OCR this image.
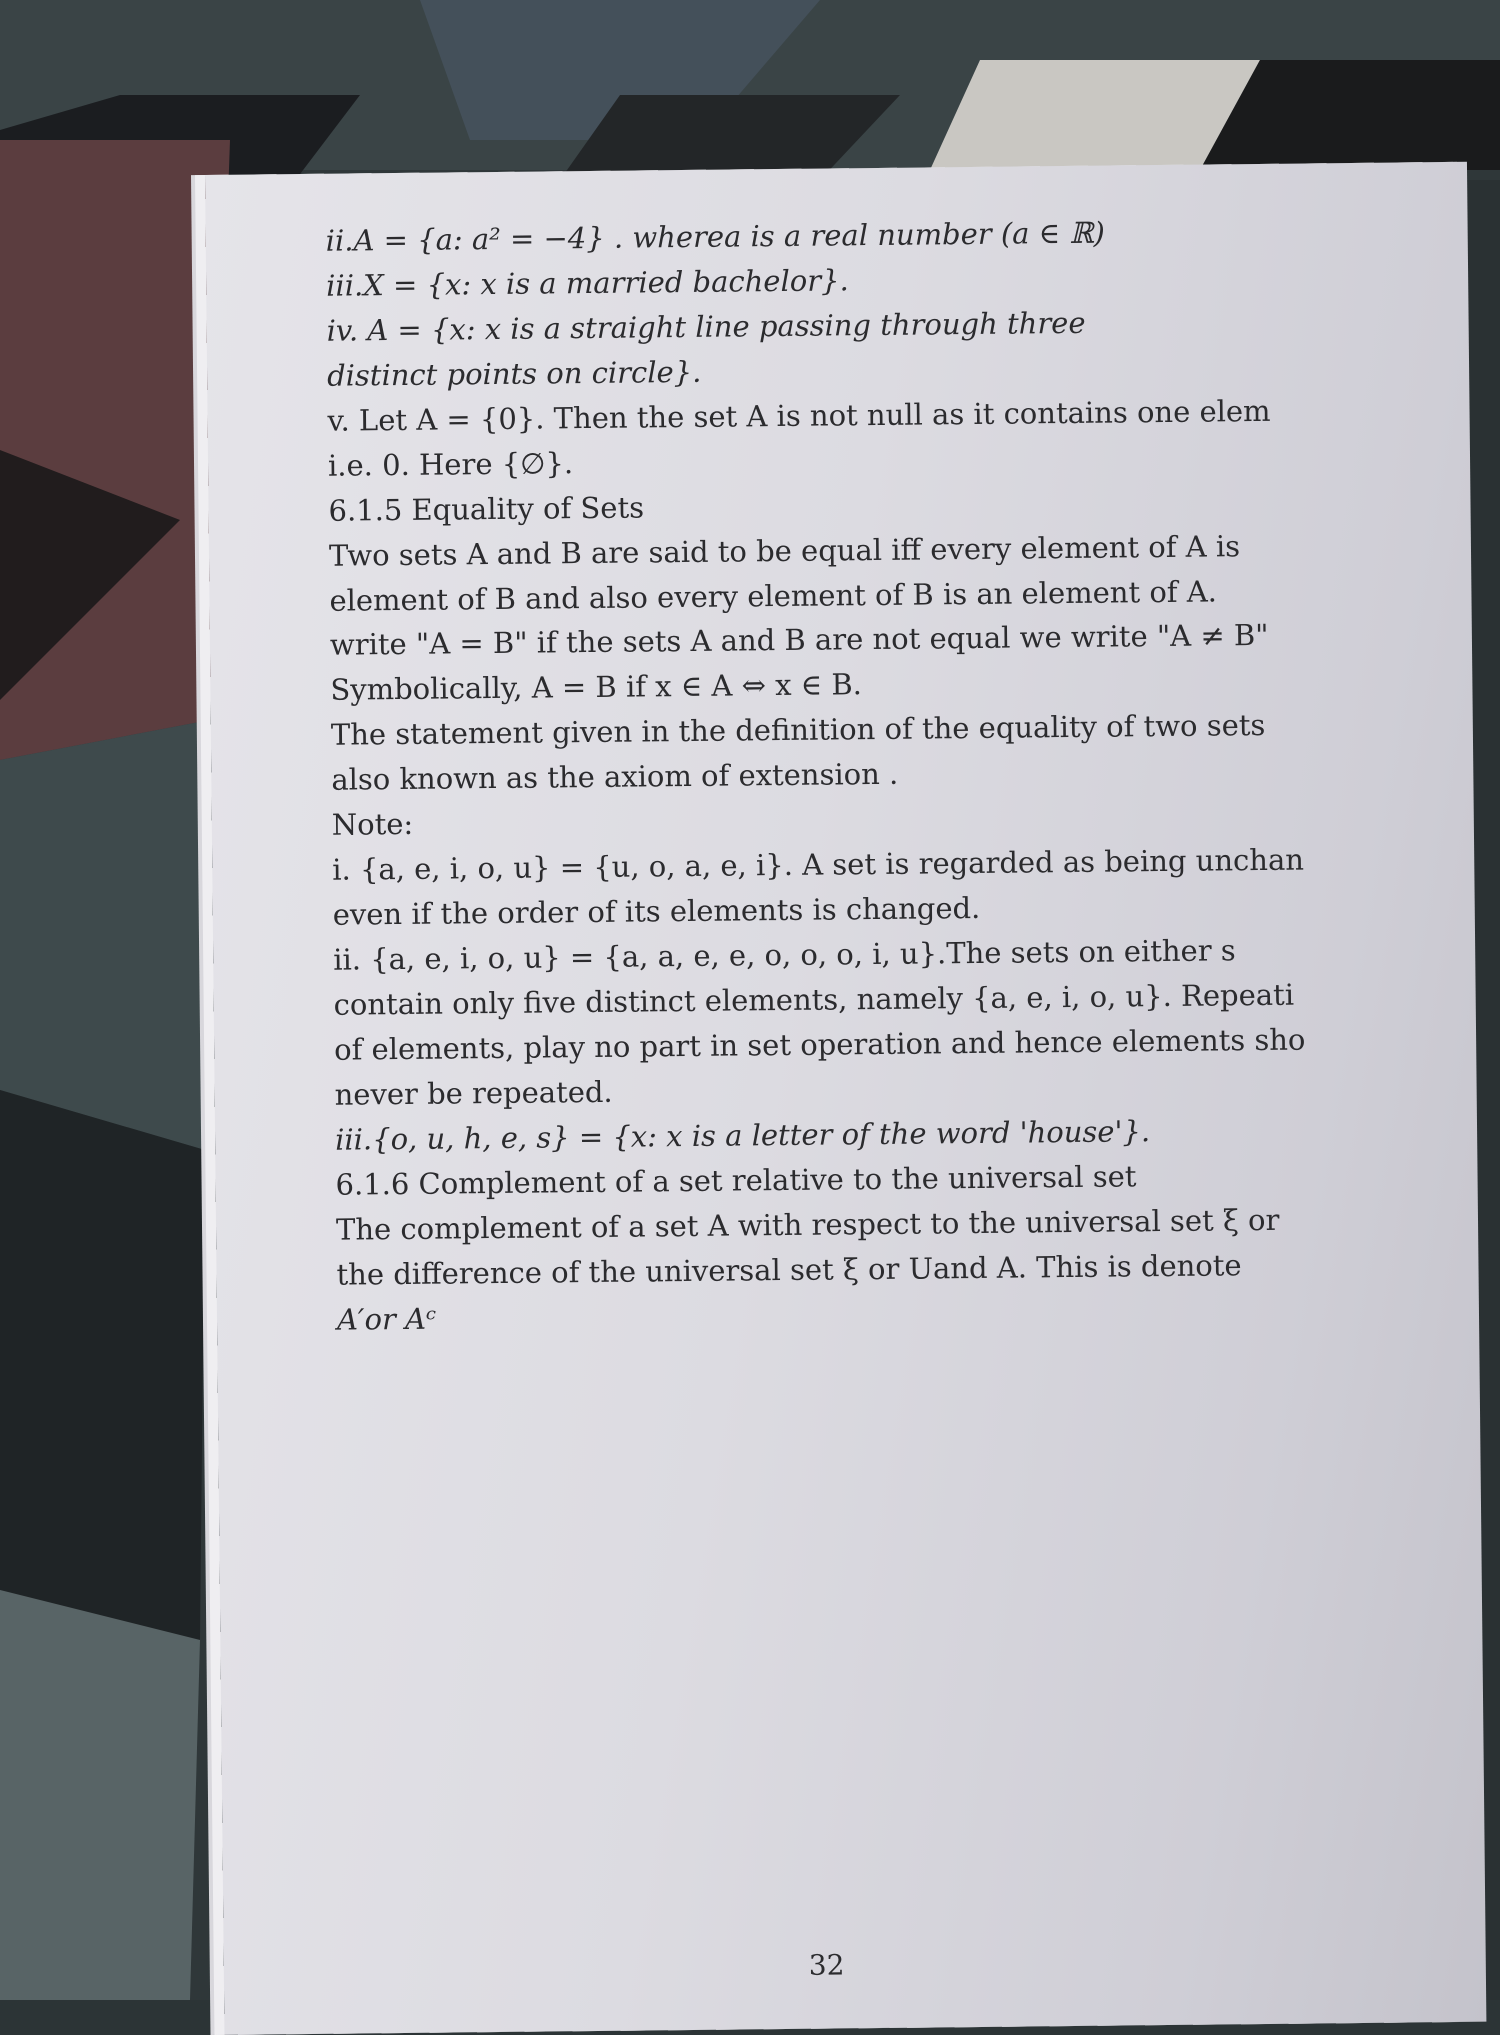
ii.A = {a: a² = −4} . wherea is a real number (a ∈ ℝ)

iii.X = {x: x is a married bachelor}.

iv. A = {x: x is a straight line passing through three

distinct points on circle}.

v. Let A = {0}. Then the set A is not null as it contains one elem

i.e. 0. Here {∅}.

6.1.5 Equality of Sets

Two sets A and B are said to be equal iff every element of A is

element of B and also every element of B is an element of A.

write "A = B" if the sets A and B are not equal we write "A ≠ B"

Symbolically, A = B if x ∈ A ⇔ x ∈ B.

The statement given in the definition of the equality of two sets

also known as the axiom of extension .

Note:

i. {a, e, i, o, u} = {u, o, a, e, i}. A set is regarded as being unchan

even if the order of its elements is changed.

ii. {a, e, i, o, u} = {a, a, e, e, o, o, o, i, u}.The sets on either s

contain only five distinct elements, namely {a, e, i, o, u}. Repeati

of elements, play no part in set operation and hence elements sho

never be repeated.

iii.{o, u, h, e, s} = {x: x is a letter of the word 'house'}.

6.1.6 Complement of a set relative to the universal set

The complement of a set A with respect to the universal set ξ or

the difference of the universal set ξ or Uand A. This is denote

A′or Aᶜ

32
